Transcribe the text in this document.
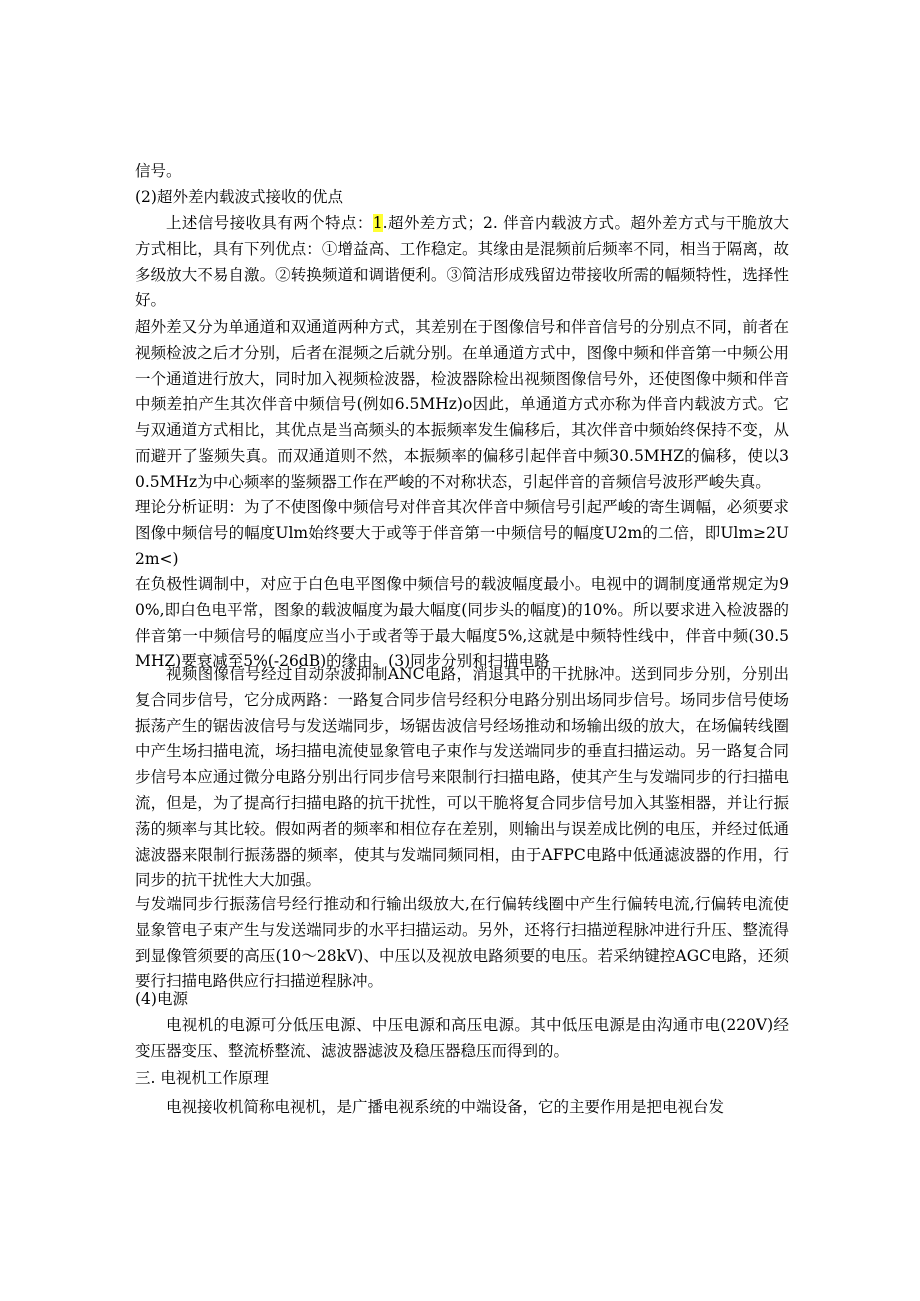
信号。

(2)超外差内载波式接收的优点

上述信号接收具有两个特点：1.超外差方式；2. 伴音内载波方式。超外差方式与干脆放大方式相比，具有下列优点：①增益高、工作稳定。其缘由是混频前后频率不同，相当于隔离，故多级放大不易自激。②转换频道和调谐便利。③简洁形成残留边带接收所需的幅频特性，选择性好。

超外差又分为单通道和双通道两种方式，其差别在于图像信号和伴音信号的分别点不同，前者在视频检波之后才分别，后者在混频之后就分别。在单通道方式中，图像中频和伴音第一中频公用一个通道进行放大，同时加入视频检波器，检波器除检出视频图像信号外，还使图像中频和伴音中频差拍产生其次伴音中频信号(例如6.5MHz)o因此，单通道方式亦称为伴音内载波方式。它与双通道方式相比，其优点是当高频头的本振频率发生偏移后，其次伴音中频始终保持不变，从而避开了鉴频失真。而双通道则不然，本振频率的偏移引起伴音中频30.5MHZ的偏移，使以30.5MHz为中心频率的鉴频器工作在严峻的不对称状态，引起伴音的音频信号波形严峻失真。

理论分析证明：为了不使图像中频信号对伴音其次伴音中频信号引起严峻的寄生调幅，必须要求图像中频信号的幅度Ulm始终要大于或等于伴音第一中频信号的幅度U2m的二倍，即Ulm≥2U2m<)

在负极性调制中，对应于白色电平图像中频信号的载波幅度最小。电视中的调制度通常规定为90%,即白色电平常，图象的载波幅度为最大幅度(同步头的幅度)的10%。所以要求进入检波器的伴音第一中频信号的幅度应当小于或者等于最大幅度5%,这就是中频特性线中，伴音中频(30.5MHZ)要衰减至5%(-26dB)的缘由。(3)同步分别和扫描电路

视频图像信号经过自动杂波抑制ANC电路，消退其中的干扰脉冲。送到同步分别，分别出复合同步信号，它分成两路：一路复合同步信号经积分电路分别出场同步信号。场同步信号使场振荡产生的锯齿波信号与发送端同步，场锯齿波信号经场推动和场输出级的放大，在场偏转线圈中产生场扫描电流，场扫描电流使显象管电子束作与发送端同步的垂直扫描运动。另一路复合同步信号本应通过微分电路分别出行同步信号来限制行扫描电路，使其产生与发端同步的行扫描电流，但是，为了提高行扫描电路的抗干扰性，可以干脆将复合同步信号加入其鉴相器，并让行振荡的频率与其比较。假如两者的频率和相位存在差别，则输出与误差成比例的电压，并经过低通滤波器来限制行振荡器的频率，使其与发端同频同相，由于AFPC电路中低通滤波器的作用，行同步的抗干扰性大大加强。

与发端同步行振荡信号经行推动和行输出级放大,在行偏转线圈中产生行偏转电流,行偏转电流使显象管电子束产生与发送端同步的水平扫描运动。另外，还将行扫描逆程脉冲进行升压、整流得到显像管须要的高压(10～28kV)、中压以及视放电路须要的电压。若采纳键控AGC电路，还须要行扫描电路供应行扫描逆程脉冲。

(4)电源

电视机的电源可分低压电源、中压电源和高压电源。其中低压电源是由沟通市电(220V)经变压器变压、整流桥整流、滤波器滤波及稳压器稳压而得到的。

三. 电视机工作原理

电视接收机简称电视机，是广播电视系统的中端设备，它的主要作用是把电视台发
